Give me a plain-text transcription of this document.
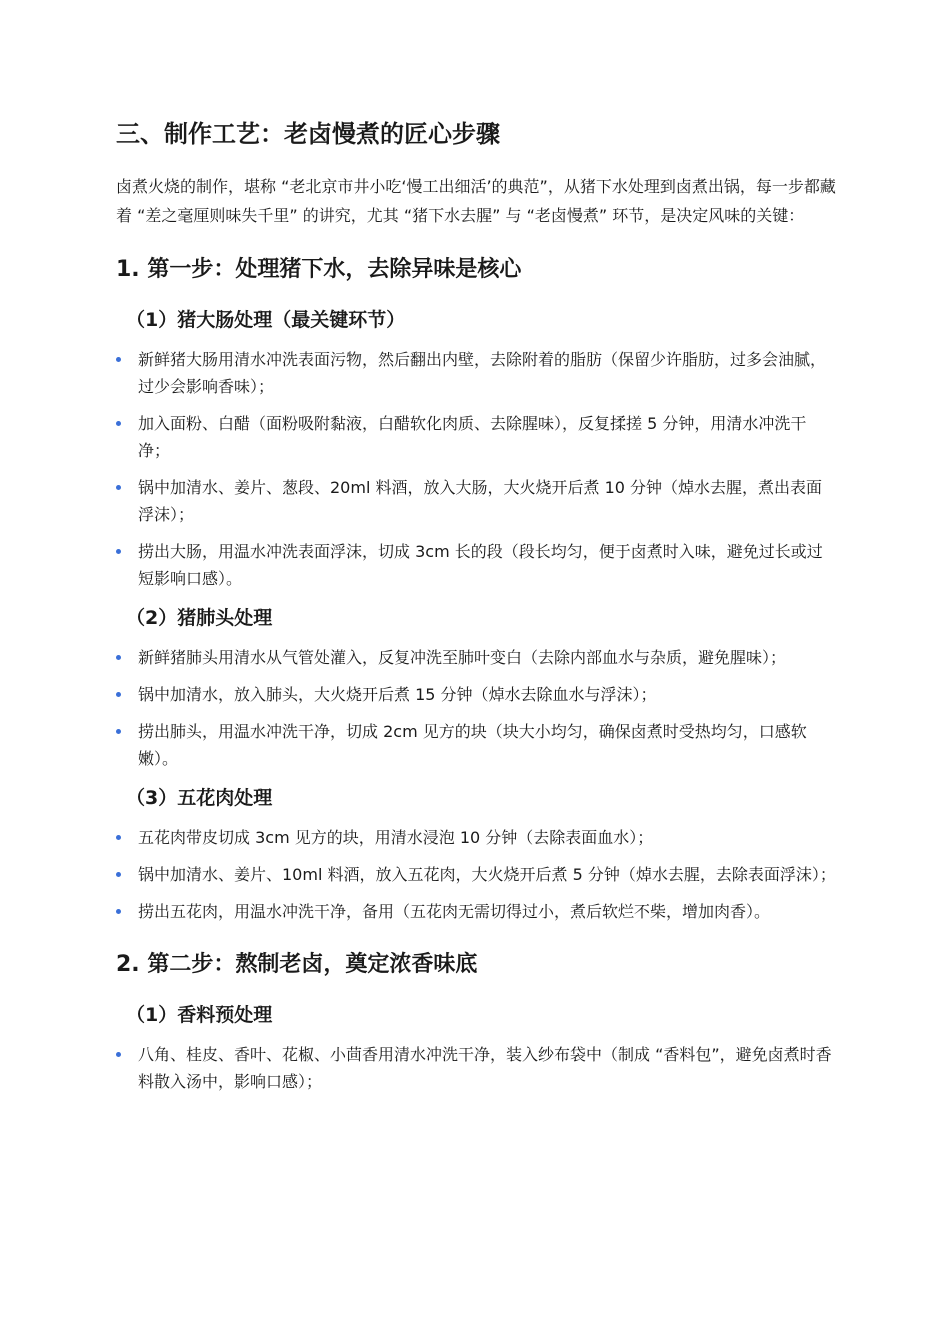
三、制作工艺：老卤慢煮的匠心步骤

卤煮火烧的制作，堪称 “老北京市井小吃‘慢工出细活’的典范”，从猪下水处理到卤煮出锅，每一步都藏着 “差之毫厘则味失千里” 的讲究，尤其 “猪下水去腥” 与 “老卤慢煮” 环节，是决定风味的关键：

1. 第一步：处理猪下水，去除异味是核心
（1）猪大肠处理（最关键环节）
新鲜猪大肠用清水冲洗表面污物，然后翻出内壁，去除附着的脂肪（保留少许脂肪，过多会油腻，过少会影响香味）；
加入面粉、白醋（面粉吸附黏液，白醋软化肉质、去除腥味），反复揉搓 5 分钟，用清水冲洗干净；
锅中加清水、姜片、葱段、20ml 料酒，放入大肠，大火烧开后煮 10 分钟（焯水去腥，煮出表面浮沫）；
捞出大肠，用温水冲洗表面浮沫，切成 3cm 长的段（段长均匀，便于卤煮时入味，避免过长或过短影响口感）。
（2）猪肺头处理
新鲜猪肺头用清水从气管处灌入，反复冲洗至肺叶变白（去除内部血水与杂质，避免腥味）；
锅中加清水，放入肺头，大火烧开后煮 15 分钟（焯水去除血水与浮沫）；
捞出肺头，用温水冲洗干净，切成 2cm 见方的块（块大小均匀，确保卤煮时受热均匀，口感软嫩）。
（3）五花肉处理
五花肉带皮切成 3cm 见方的块，用清水浸泡 10 分钟（去除表面血水）；
锅中加清水、姜片、10ml 料酒，放入五花肉，大火烧开后煮 5 分钟（焯水去腥，去除表面浮沫）；
捞出五花肉，用温水冲洗干净，备用（五花肉无需切得过小，煮后软烂不柴，增加肉香）。
2. 第二步：熬制老卤，奠定浓香味底
（1）香料预处理
八角、桂皮、香叶、花椒、小茴香用清水冲洗干净，装入纱布袋中（制成 “香料包”，避免卤煮时香料散入汤中，影响口感）；
